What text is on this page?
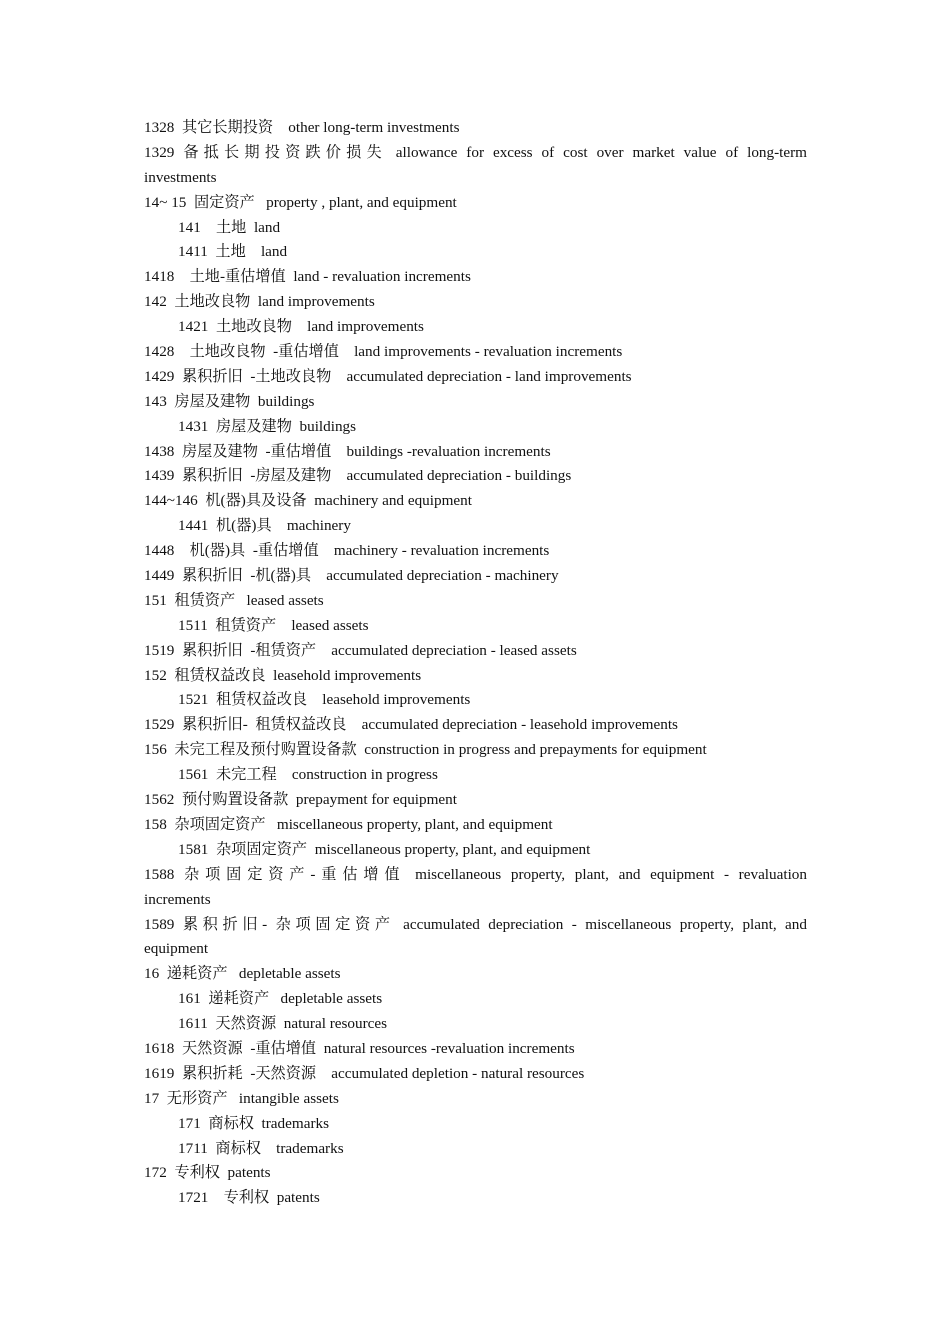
1328  其它长期投资    other long-term investments
1329 备抵长期投资跌价损失 allowance for excess of cost over market value of long-term
investments
14~ 15  固定资产   property , plant, and equipment
141    土地  land
1411  土地    land
1418    土地-重估增值  land - revaluation increments
142  土地改良物  land improvements
1421  土地改良物    land improvements
1428    土地改良物  -重估增值    land improvements - revaluation increments
1429  累积折旧  -土地改良物    accumulated depreciation - land improvements
143  房屋及建物  buildings
1431  房屋及建物  buildings
1438  房屋及建物  -重估增值    buildings -revaluation increments
1439  累积折旧  -房屋及建物    accumulated depreciation - buildings
144~146  机(器)具及设备  machinery and equipment
1441  机(器)具    machinery
1448    机(器)具  -重估增值    machinery - revaluation increments
1449  累积折旧  -机(器)具    accumulated depreciation - machinery
151  租赁资产   leased assets
1511  租赁资产    leased assets
1519  累积折旧  -租赁资产    accumulated depreciation - leased assets
152  租赁权益改良  leasehold improvements
1521  租赁权益改良    leasehold improvements
1529  累积折旧-  租赁权益改良    accumulated depreciation - leasehold improvements
156  未完工程及预付购置设备款  construction in progress and prepayments for equipment
1561  未完工程    construction in progress
1562  预付购置设备款  prepayment for equipment
158  杂项固定资产   miscellaneous property, plant, and equipment
1581  杂项固定资产  miscellaneous property, plant, and equipment
1588 杂项固定资产-重估增值 miscellaneous property, plant, and equipment - revaluation
increments
1589 累积折旧- 杂项固定资产 accumulated depreciation - miscellaneous property, plant, and
equipment
16  递耗资产   depletable assets
161  递耗资产   depletable assets
1611  天然资源  natural resources
1618  天然资源  -重估增值  natural resources -revaluation increments
1619  累积折耗  -天然资源    accumulated depletion - natural resources
17  无形资产   intangible assets
171  商标权  trademarks
1711  商标权    trademarks
172  专利权  patents
1721    专利权  patents
